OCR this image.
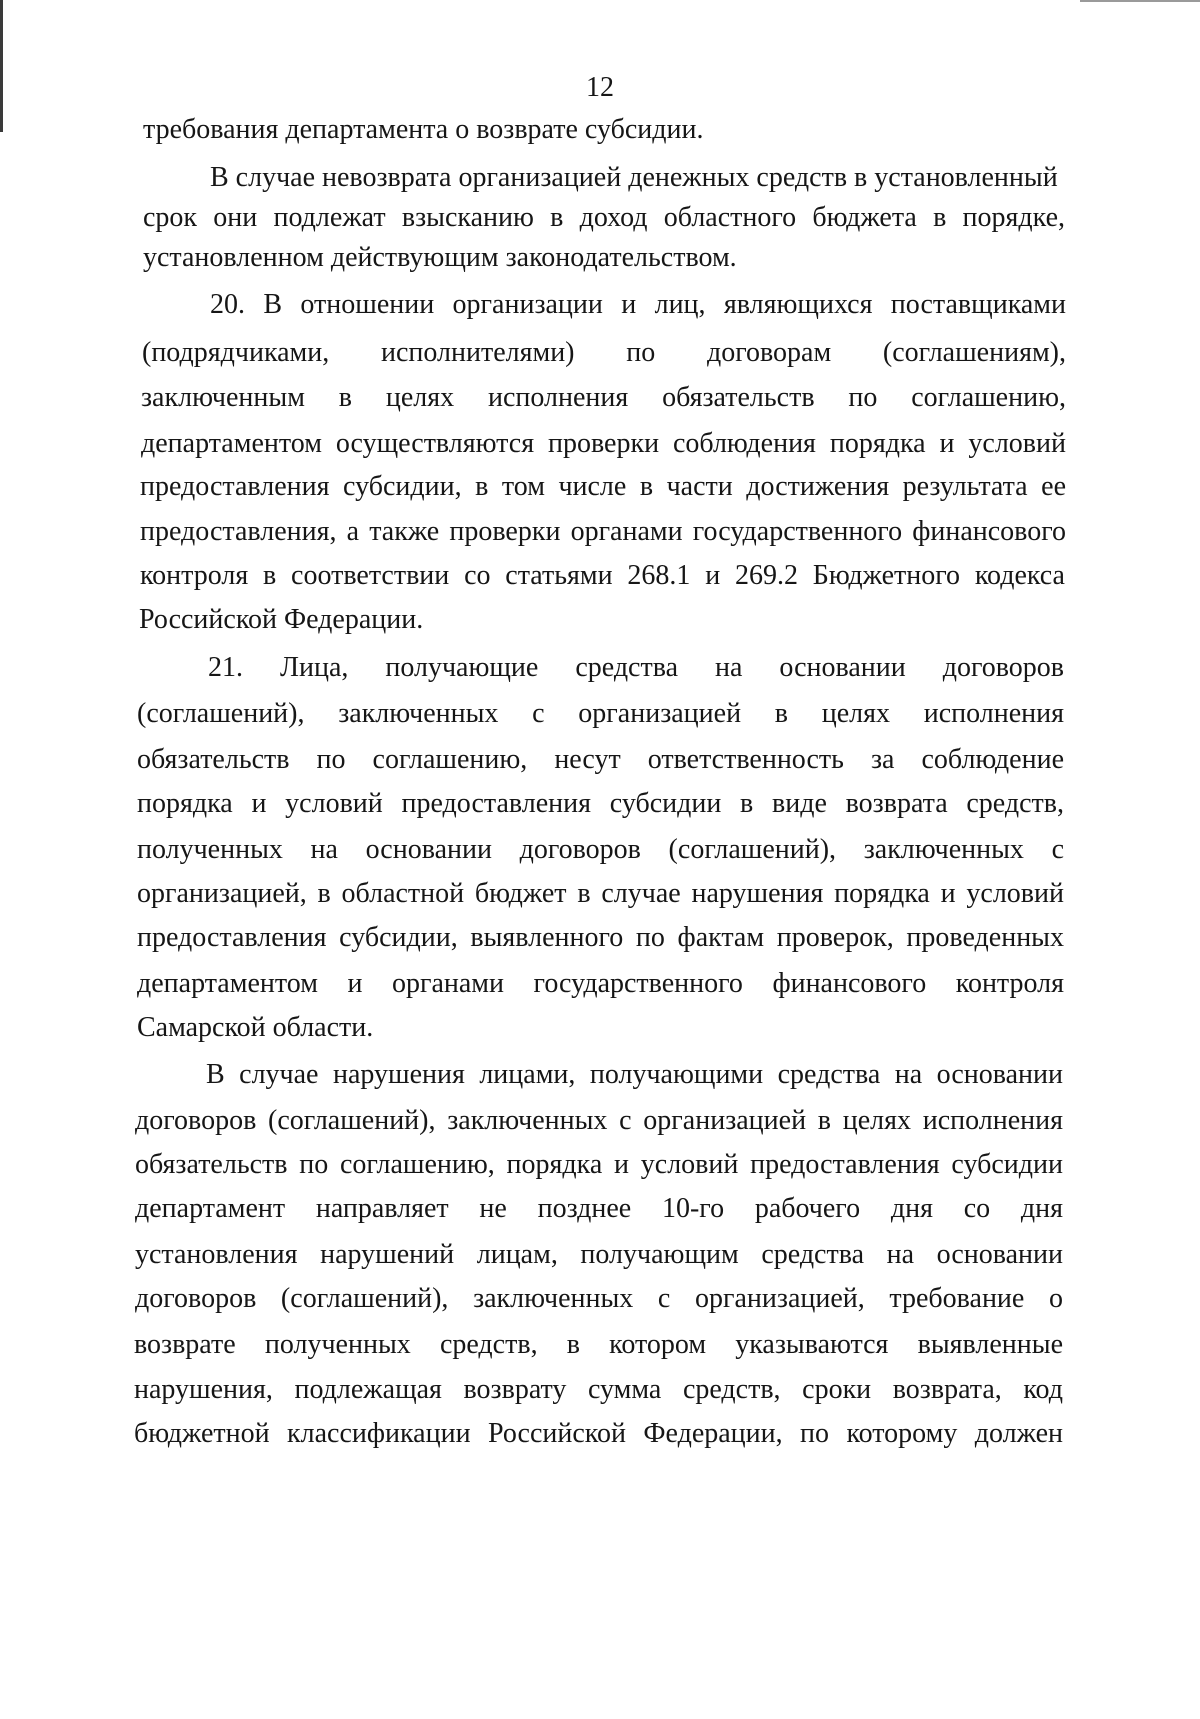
12
требования департамента о возврате субсидии.
В случае невозврата организацией денежных средств в установленный
срок они подлежат взысканию в доход областного бюджета в порядке,
установленном действующим законодательством.
20. В отношении организации и лиц, являющихся поставщиками
(подрядчиками, исполнителями) по договорам (соглашениям),
заключенным в целях исполнения обязательств по соглашению,
департаментом осуществляются проверки соблюдения порядка и условий
предоставления субсидии, в том числе в части достижения результата ее
предоставления, а также проверки органами государственного финансового
контроля в соответствии со статьями 268.1 и 269.2 Бюджетного кодекса
Российской Федерации.
21. Лица, получающие средства на основании договоров
(соглашений), заключенных с организацией в целях исполнения
обязательств по соглашению, несут ответственность за соблюдение
порядка и условий предоставления субсидии в виде возврата средств,
полученных на основании договоров (соглашений), заключенных с
организацией, в областной бюджет в случае нарушения порядка и условий
предоставления субсидии, выявленного по фактам проверок, проведенных
департаментом и органами государственного финансового контроля
Самарской области.
В случае нарушения лицами, получающими средства на основании
договоров (соглашений), заключенных с организацией в целях исполнения
обязательств по соглашению, порядка и условий предоставления субсидии
департамент направляет не позднее 10-го рабочего дня со дня
установления нарушений лицам, получающим средства на основании
договоров (соглашений), заключенных с организацией, требование о
возврате полученных средств, в котором указываются выявленные
нарушения, подлежащая возврату сумма средств, сроки возврата, код
бюджетной классификации Российской Федерации, по которому должен
